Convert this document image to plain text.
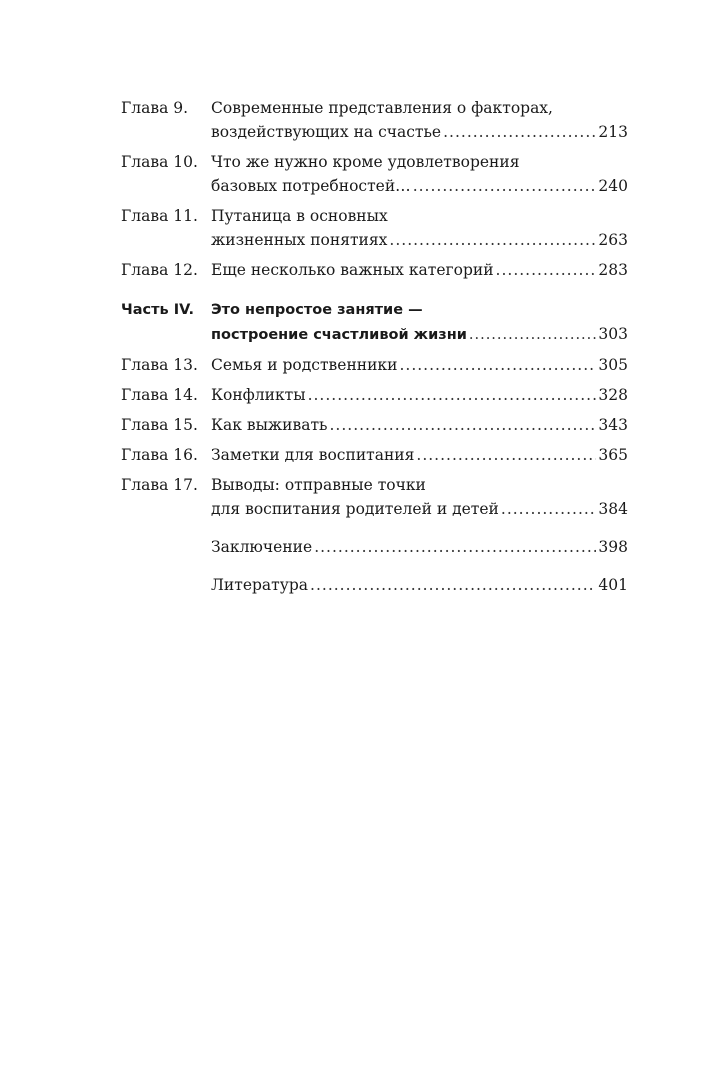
Глава 9.	Современные представления о факторах,
воздействующих на счастье .....	213
Глава 10. Что же нужно кроме удовлетворения
базовых потребностей… .....	240
Глава 11. Путаница в основных
жизненных понятиях .....	263
Глава 12. Еще несколько важных категорий .....	283
Часть IV.	Это непростое занятие —
построение счастливой жизни .....	303
Глава 13. Семья и родственники .....	305
Глава 14. Конфликты .....	328
Глава 15. Как выживать .....	343
Глава 16. Заметки для воспитания .....	365
Глава 17. Выводы: отправные точки
для воспитания родителей и детей .....	384
Заключение .....	398
Литература .....	401
